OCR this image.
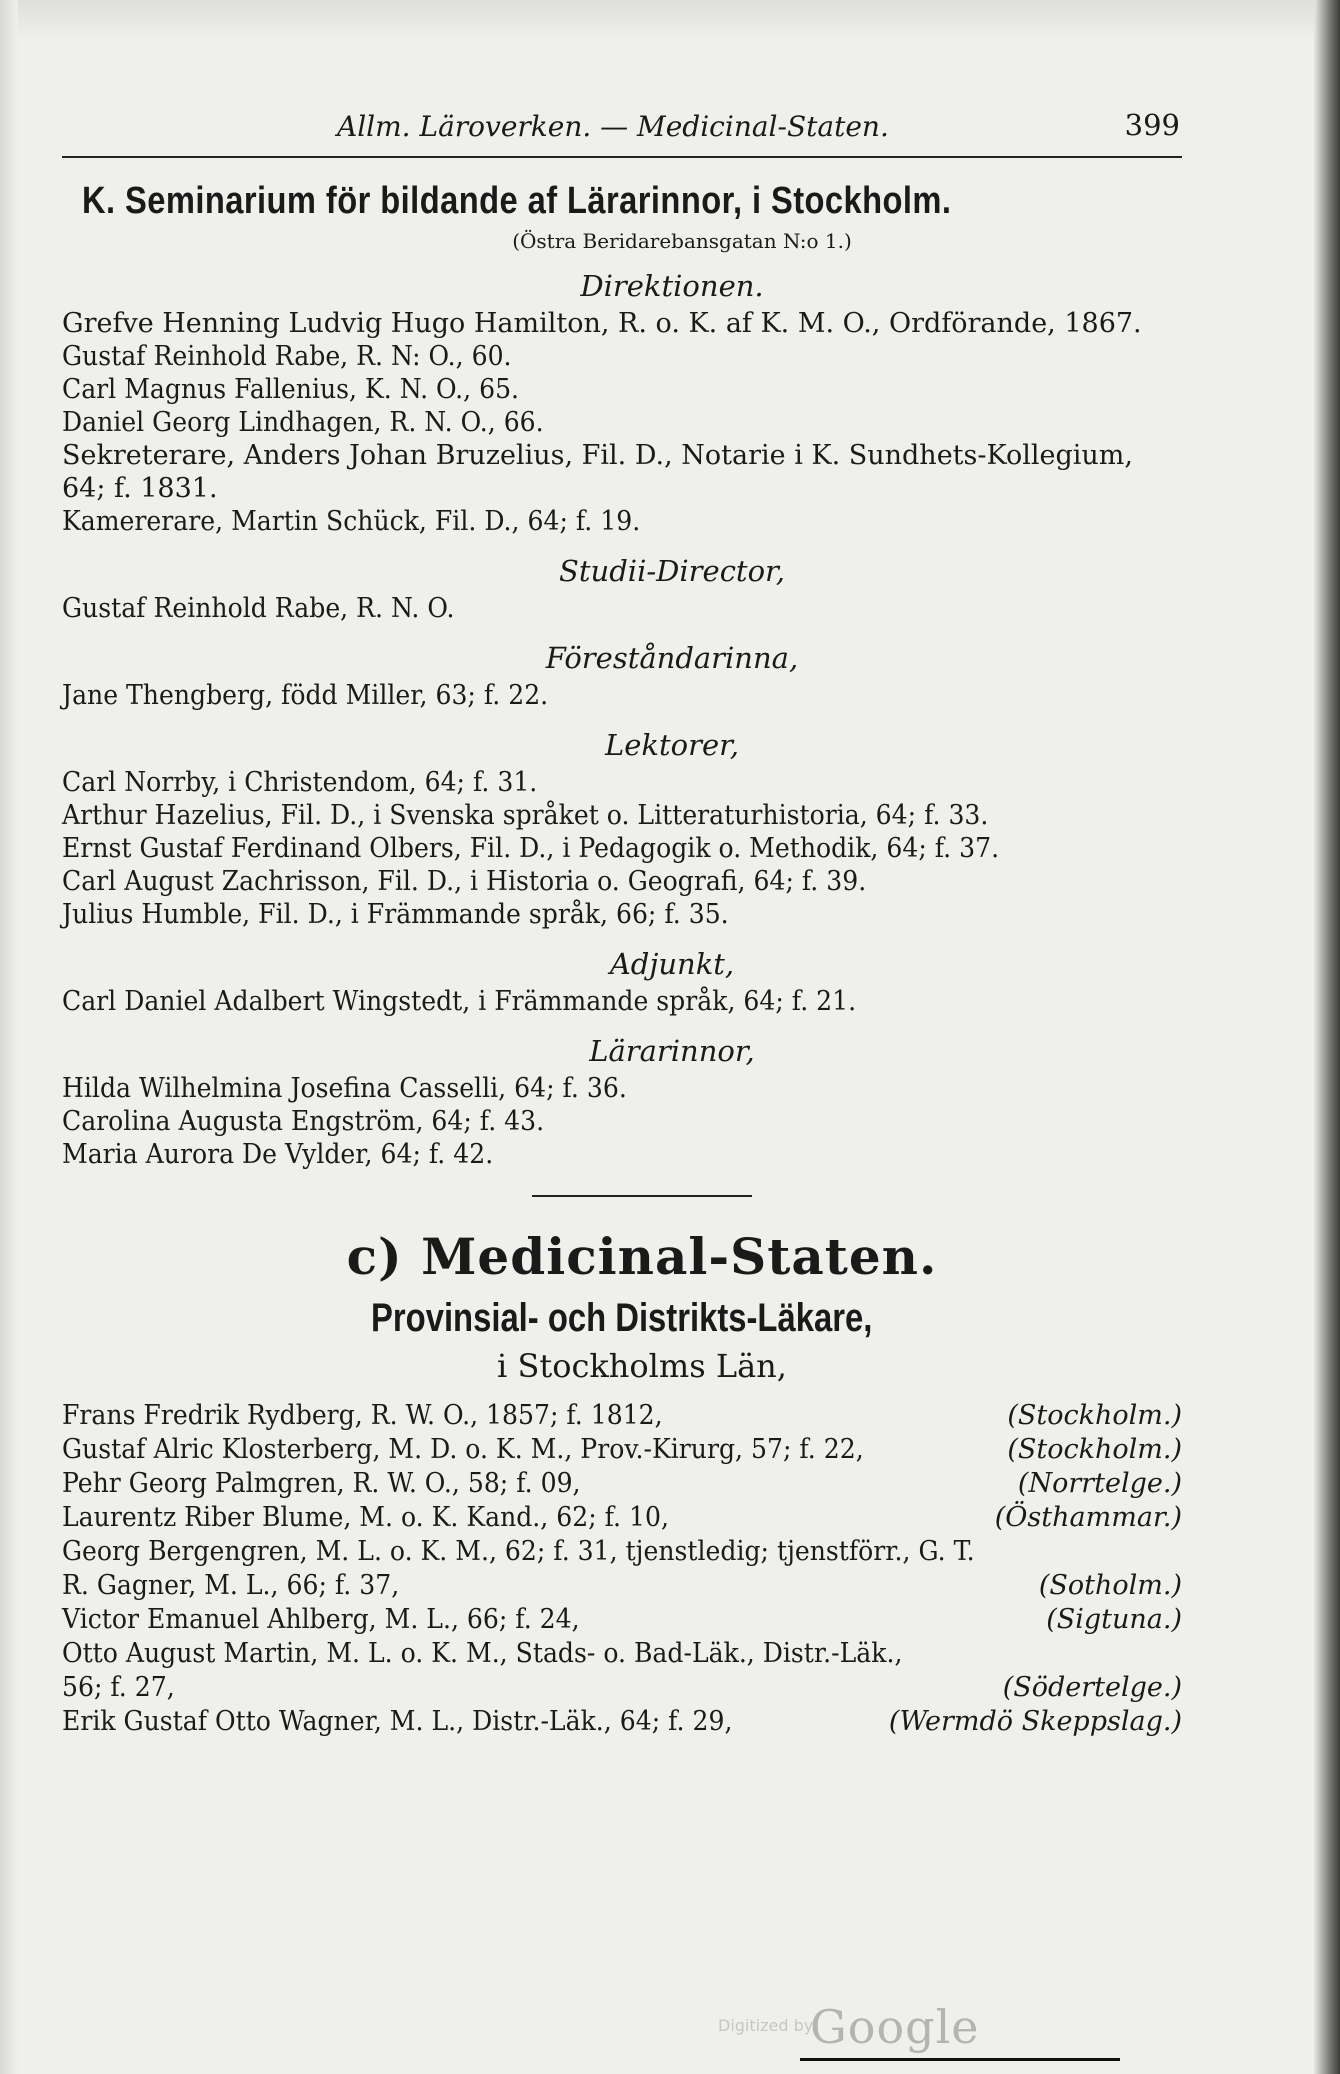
Allm. Läroverken. — Medicinal-Staten.	399
K. Seminarium för bildande af Lärarinnor, i Stockholm.
(Östra Beridarebansgatan N:o 1.)
Direktionen.

Grefve Henning Ludvig Hugo Hamilton, R. o. K. af K. M. O., Ordförande, 1867.

Gustaf Reinhold Rabe, R. N: O., 60.

Carl Magnus Fallenius, K. N. O., 65.

Daniel Georg Lindhagen, R. N. O., 66.

Sekreterare, Anders Johan Bruzelius, Fil. D., Notarie i K. Sundhets-Kollegium, 64; f. 1831.

Kamererare, Martin Schück, Fil. D., 64; f. 19.

Studii-Director,

Gustaf Reinhold Rabe, R. N. O.

Föreståndarinna,

Jane Thengberg, född Miller, 63; f. 22.

Lektorer,

Carl Norrby, i Christendom, 64; f. 31.

Arthur Hazelius, Fil. D., i Svenska språket o. Litteraturhistoria, 64; f. 33.

Ernst Gustaf Ferdinand Olbers, Fil. D., i Pedagogik o. Methodik, 64; f. 37.

Carl August Zachrisson, Fil. D., i Historia o. Geografi, 64; f. 39.

Julius Humble, Fil. D., i Främmande språk, 66; f. 35.

Adjunkt,

Carl Daniel Adalbert Wingstedt, i Främmande språk, 64; f. 21.

Lärarinnor,

Hilda Wilhelmina Josefina Casselli, 64; f. 36.

Carolina Augusta Engström, 64; f. 43.

Maria Aurora De Vylder, 64; f. 42.

c) Medicinal-Staten.
Provinsial- och Distrikts-Läkare,
i Stockholms Län,
Frans Fredrik Rydberg, R. W. O., 1857; f. 1812,	(Stockholm.)
Gustaf Alric Klosterberg, M. D. o. K. M., Prov.-Kirurg, 57; f. 22,	(Stockholm.)
Pehr Georg Palmgren, R. W. O., 58; f. 09,	(Norrtelge.)
Laurentz Riber Blume, M. o. K. Kand., 62; f. 10,	(Östhammar.)
Georg Bergengren, M. L. o. K. M., 62; f. 31, tjenstledig; tjenstförr., G. T.
R. Gagner, M. L., 66; f. 37,	(Sotholm.)
Victor Emanuel Ahlberg, M. L., 66; f. 24,	(Sigtuna.)
Otto August Martin, M. L. o. K. M., Stads- o. Bad-Läk., Distr.-Läk.,
56; f. 27,	(Södertelge.)
Erik Gustaf Otto Wagner, M. L., Distr.-Läk., 64; f. 29,	(Wermdö Skeppslag.)
Digitized by
Google
